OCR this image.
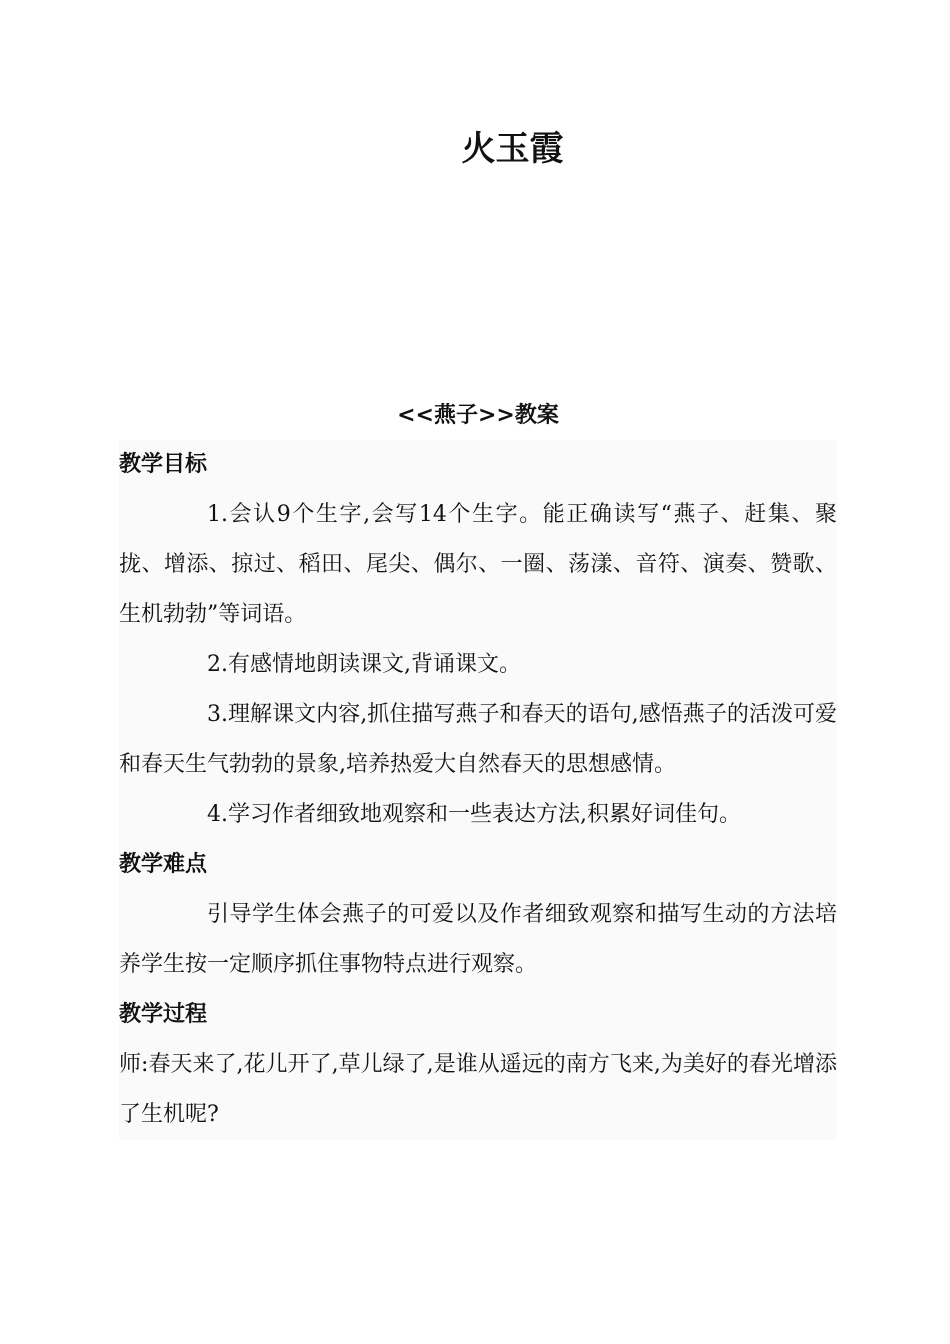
火玉霞
<<燕子>>教案
教学目标

1.会认9个生字,会写14个生字。能正确读写“燕子、赶集、聚拢、增添、掠过、稻田、尾尖、偶尔、一圈、荡漾、音符、演奏、赞歌、生机勃勃”等词语。

2.有感情地朗读课文,背诵课文。

3.理解课文内容,抓住描写燕子和春天的语句,感悟燕子的活泼可爱和春天生气勃勃的景象,培养热爱大自然春天的思想感情。

4.学习作者细致地观察和一些表达方法,积累好词佳句。

教学难点

引导学生体会燕子的可爱以及作者细致观察和描写生动的方法培养学生按一定顺序抓住事物特点进行观察。

教学过程

师:春天来了,花儿开了,草儿绿了,是谁从遥远的南方飞来,为美好的春光增添了生机呢?
